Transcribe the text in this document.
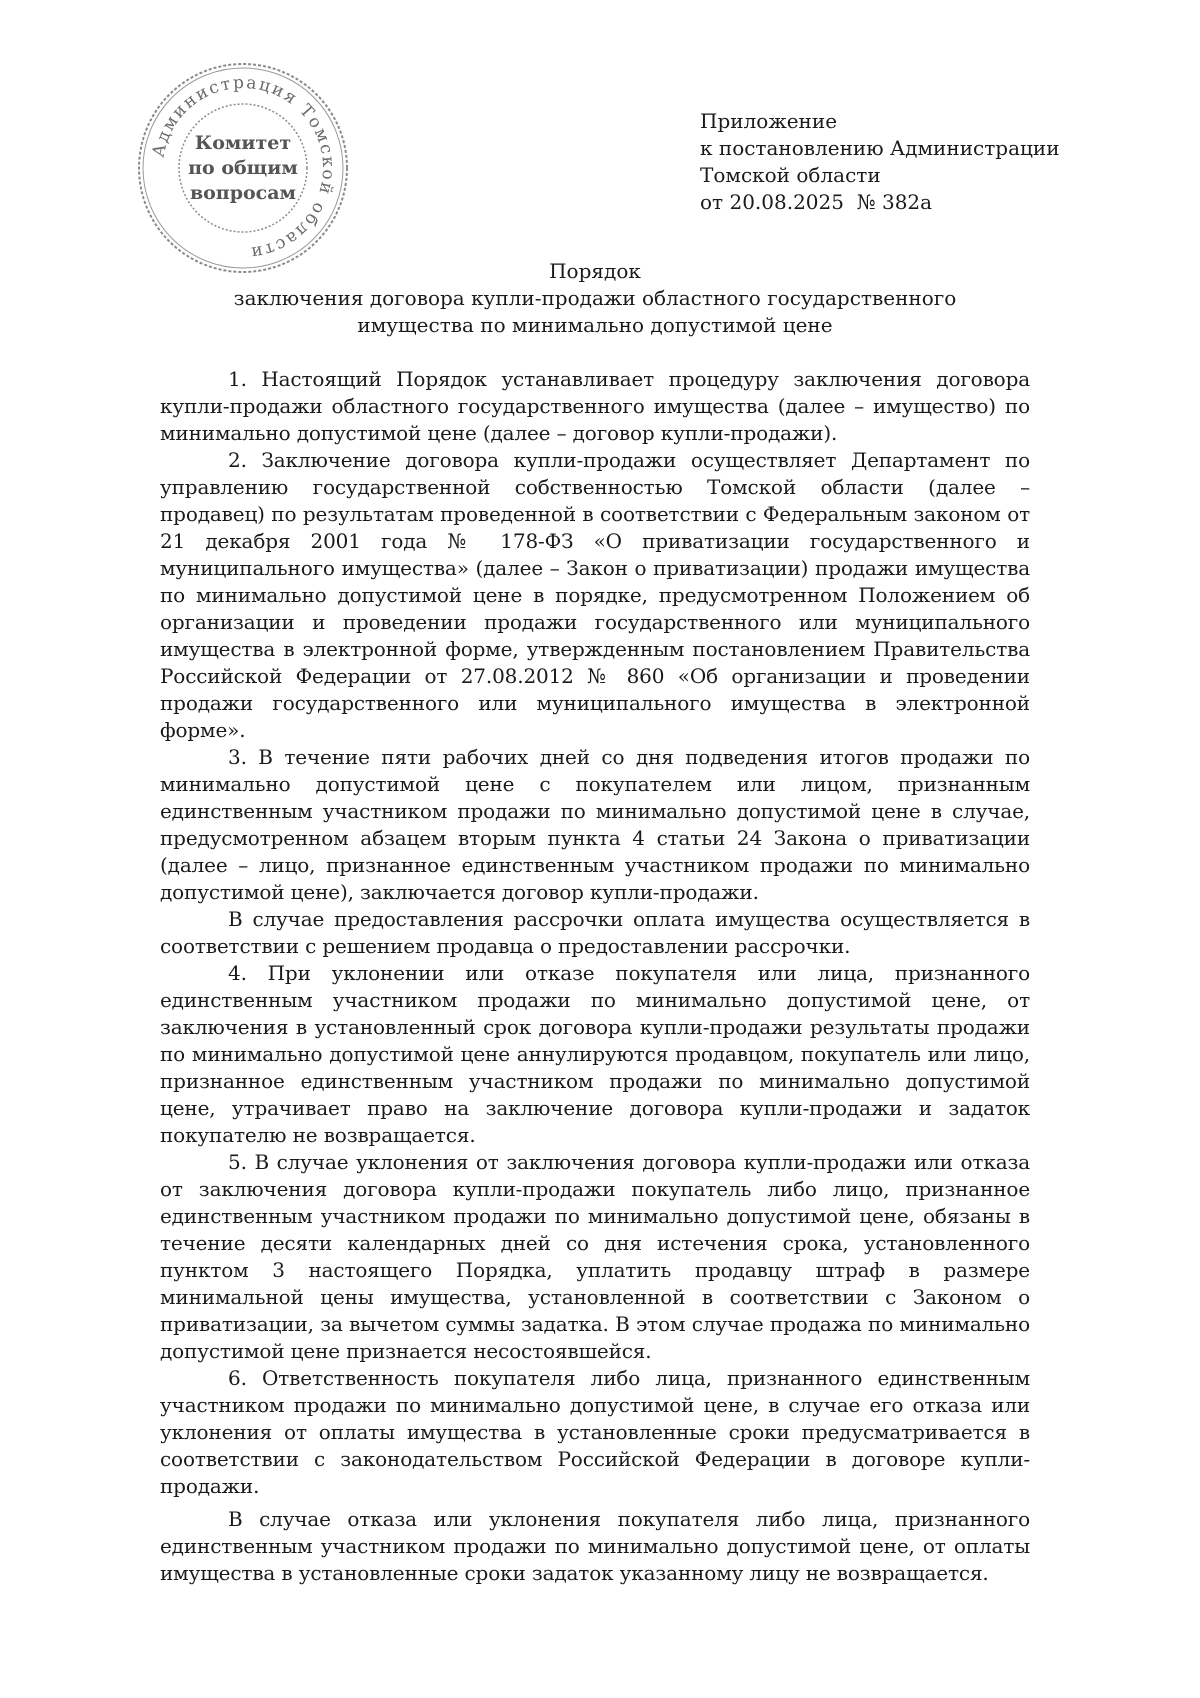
Администрация Томской области
Комитет
по общим
вопросам
Приложение
к постановлению Администрации
Томской области
от 20.08.2025  № 382а
Порядок
заключения договора купли-продажи областного государственного
имущества по минимально допустимой цене

1. Настоящий Порядок устанавливает процедуру заключения договора купли-продажи областного государственного имущества (далее – имущество) по минимально допустимой цене (далее – договор купли-продажи).

2. Заключение договора купли-продажи осуществляет Департамент по управлению государственной собственностью Томской области (далее – продавец) по результатам проведенной в соответствии с Федеральным законом от 21 декабря 2001 года № 178-ФЗ «О приватизации государственного и муниципального имущества» (далее – Закон о приватизации) продажи имущества по минимально допустимой цене в порядке, предусмотренном Положением об организации и проведении продажи государственного или муниципального имущества в электронной форме, утвержденным постановлением Правительства Российской Федерации от 27.08.2012 № 860 «Об организации и проведении продажи государственного или муниципального имущества в электронной форме».

3. В течение пяти рабочих дней со дня подведения итогов продажи по минимально допустимой цене с покупателем или лицом, признанным единственным участником продажи по минимально допустимой цене в случае, предусмотренном абзацем вторым пункта 4 статьи 24 Закона о приватизации (далее – лицо, признанное единственным участником продажи по минимально допустимой цене), заключается договор купли-продажи.

В случае предоставления рассрочки оплата имущества осуществляется в соответствии с решением продавца о предоставлении рассрочки.

4. При уклонении или отказе покупателя или лица, признанного единственным участником продажи по минимально допустимой цене, от заключения в установленный срок договора купли-продажи результаты продажи по минимально допустимой цене аннулируются продавцом, покупатель или лицо, признанное единственным участником продажи по минимально допустимой цене, утрачивает право на заключение договора купли-продажи и задаток покупателю не возвращается.

5. В случае уклонения от заключения договора купли-продажи или отказа от заключения договора купли-продажи покупатель либо лицо, признанное единственным участником продажи по минимально допустимой цене, обязаны в течение десяти календарных дней со дня истечения срока, установленного пунктом 3 настоящего Порядка, уплатить продавцу штраф в размере минимальной цены имущества, установленной в соответствии с Законом о приватизации, за вычетом суммы задатка. В этом случае продажа по минимально допустимой цене признается несостоявшейся.

6. Ответственность покупателя либо лица, признанного единственным участником продажи по минимально допустимой цене, в случае его отказа или уклонения от оплаты имущества в установленные сроки предусматривается в соответствии с законодательством Российской Федерации в договоре купли-продажи.

В случае отказа или уклонения покупателя либо лица, признанного единственным участником продажи по минимально допустимой цене, от оплаты имущества в установленные сроки задаток указанному лицу не возвращается.
